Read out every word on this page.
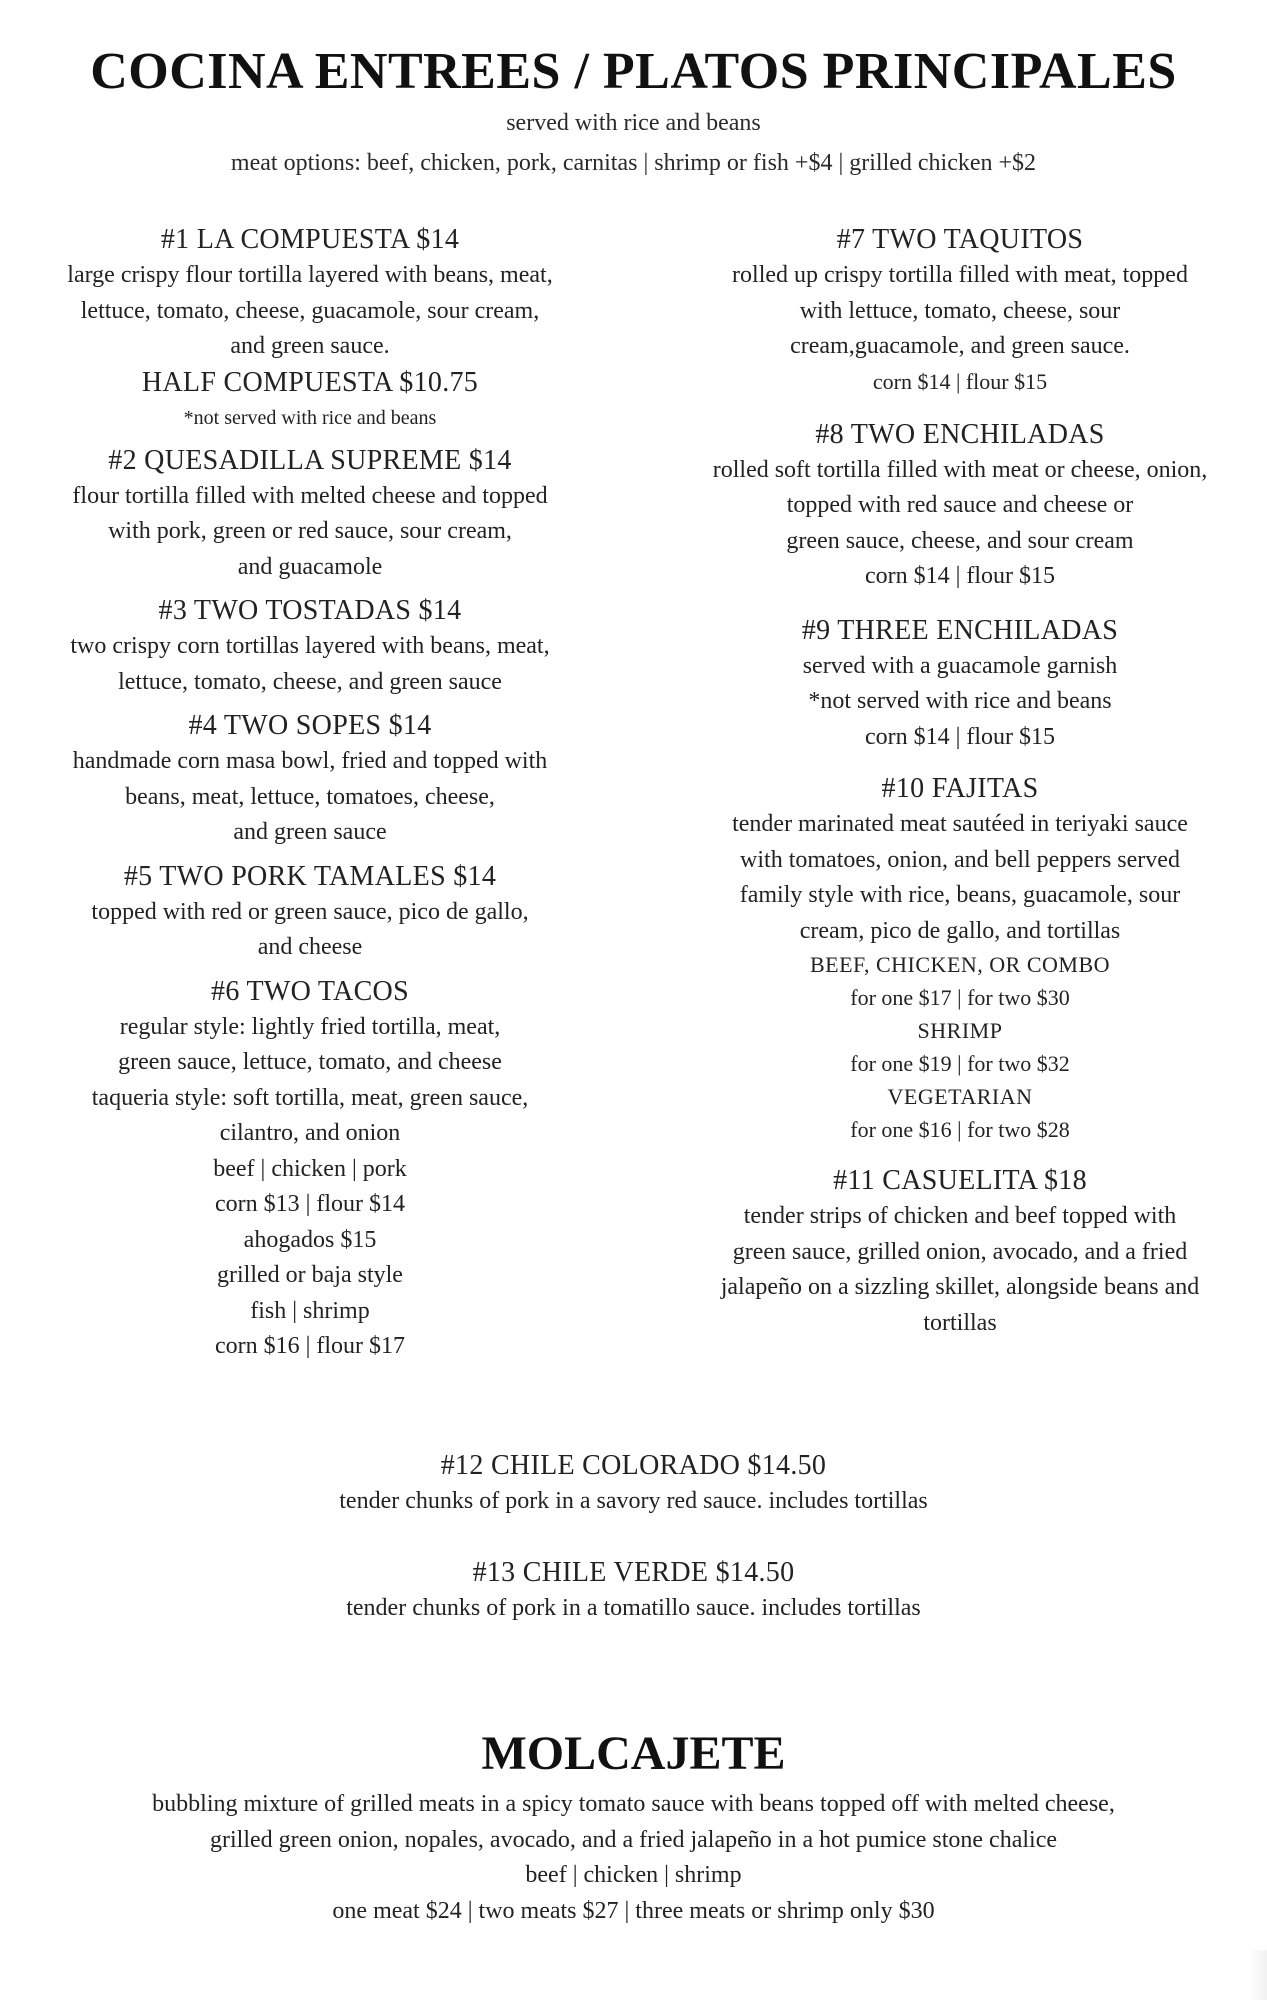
COCINA ENTREES / PLATOS PRINCIPALES
served with rice and beans
meat options: beef, chicken, pork, carnitas | shrimp or fish +$4 | grilled chicken +$2
#1 LA COMPUESTA $14
large crispy flour tortilla layered with beans, meat,
lettuce, tomato, cheese, guacamole, sour cream,
and green sauce.
HALF COMPUESTA $10.75
*not served with rice and beans
#2 QUESADILLA SUPREME $14
flour tortilla filled with melted cheese and topped
with pork, green or red sauce, sour cream,
and guacamole
#3 TWO TOSTADAS $14
two crispy corn tortillas layered with beans, meat,
lettuce, tomato, cheese, and green sauce
#4 TWO SOPES $14
handmade corn masa bowl, fried and topped with
beans, meat, lettuce, tomatoes, cheese,
and green sauce
#5 TWO PORK TAMALES $14
topped with red or green sauce, pico de gallo,
and cheese
#6 TWO TACOS
regular style: lightly fried tortilla, meat,
green sauce, lettuce, tomato, and cheese
taqueria style: soft tortilla, meat, green sauce,
cilantro, and onion
beef | chicken | pork
corn $13 | flour $14
ahogados $15
grilled or baja style
fish | shrimp
corn $16 | flour $17
#7 TWO TAQUITOS
rolled up crispy tortilla filled with meat, topped
with lettuce, tomato, cheese, sour
cream,guacamole, and green sauce.
corn $14 | flour $15
#8 TWO ENCHILADAS
rolled soft tortilla filled with meat or cheese, onion,
topped with red sauce and cheese or
green sauce, cheese, and sour cream
corn $14 | flour $15
#9 THREE ENCHILADAS
served with a guacamole garnish
*not served with rice and beans
corn $14 | flour $15
#10 FAJITAS
tender marinated meat sautéed in teriyaki sauce
with tomatoes, onion, and bell peppers served
family style with rice, beans, guacamole, sour
cream, pico de gallo, and tortillas
BEEF, CHICKEN, OR COMBO
for one $17 | for two $30
SHRIMP
for one $19 | for two $32
VEGETARIAN
for one $16 | for two $28
#11 CASUELITA $18
tender strips of chicken and beef topped with
green sauce, grilled onion, avocado, and a fried
jalapeño on a sizzling skillet, alongside beans and
tortillas
#12 CHILE COLORADO $14.50
tender chunks of pork in a savory red sauce. includes tortillas
#13 CHILE VERDE $14.50
tender chunks of pork in a tomatillo sauce. includes tortillas
MOLCAJETE
bubbling mixture of grilled meats in a spicy tomato sauce with beans topped off with melted cheese,
grilled green onion, nopales, avocado, and a fried jalapeño in a hot pumice stone chalice
beef | chicken | shrimp
one meat $24 | two meats $27 | three meats or shrimp only $30
